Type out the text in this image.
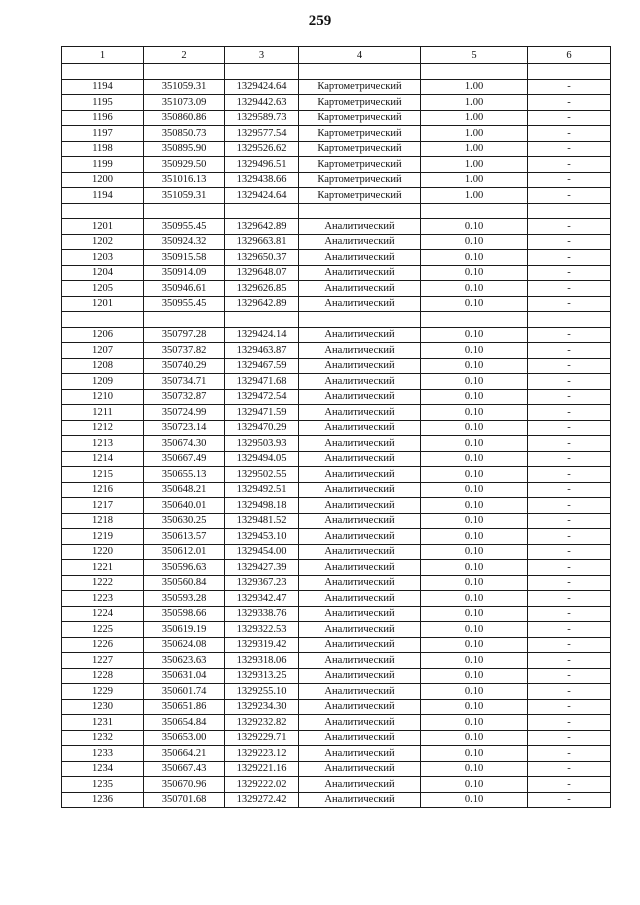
259
1	2	3	4	5	6

1194	351059.31	1329424.64	Картометрический	1.00	-
1195	351073.09	1329442.63	Картометрический	1.00	-
1196	350860.86	1329589.73	Картометрический	1.00	-
1197	350850.73	1329577.54	Картометрический	1.00	-
1198	350895.90	1329526.62	Картометрический	1.00	-
1199	350929.50	1329496.51	Картометрический	1.00	-
1200	351016.13	1329438.66	Картометрический	1.00	-
1194	351059.31	1329424.64	Картометрический	1.00	-

1201	350955.45	1329642.89	Аналитический	0.10	-
1202	350924.32	1329663.81	Аналитический	0.10	-
1203	350915.58	1329650.37	Аналитический	0.10	-
1204	350914.09	1329648.07	Аналитический	0.10	-
1205	350946.61	1329626.85	Аналитический	0.10	-
1201	350955.45	1329642.89	Аналитический	0.10	-

1206	350797.28	1329424.14	Аналитический	0.10	-
1207	350737.82	1329463.87	Аналитический	0.10	-
1208	350740.29	1329467.59	Аналитический	0.10	-
1209	350734.71	1329471.68	Аналитический	0.10	-
1210	350732.87	1329472.54	Аналитический	0.10	-
1211	350724.99	1329471.59	Аналитический	0.10	-
1212	350723.14	1329470.29	Аналитический	0.10	-
1213	350674.30	1329503.93	Аналитический	0.10	-
1214	350667.49	1329494.05	Аналитический	0.10	-
1215	350655.13	1329502.55	Аналитический	0.10	-
1216	350648.21	1329492.51	Аналитический	0.10	-
1217	350640.01	1329498.18	Аналитический	0.10	-
1218	350630.25	1329481.52	Аналитический	0.10	-
1219	350613.57	1329453.10	Аналитический	0.10	-
1220	350612.01	1329454.00	Аналитический	0.10	-
1221	350596.63	1329427.39	Аналитический	0.10	-
1222	350560.84	1329367.23	Аналитический	0.10	-
1223	350593.28	1329342.47	Аналитический	0.10	-
1224	350598.66	1329338.76	Аналитический	0.10	-
1225	350619.19	1329322.53	Аналитический	0.10	-
1226	350624.08	1329319.42	Аналитический	0.10	-
1227	350623.63	1329318.06	Аналитический	0.10	-
1228	350631.04	1329313.25	Аналитический	0.10	-
1229	350601.74	1329255.10	Аналитический	0.10	-
1230	350651.86	1329234.30	Аналитический	0.10	-
1231	350654.84	1329232.82	Аналитический	0.10	-
1232	350653.00	1329229.71	Аналитический	0.10	-
1233	350664.21	1329223.12	Аналитический	0.10	-
1234	350667.43	1329221.16	Аналитический	0.10	-
1235	350670.96	1329222.02	Аналитический	0.10	-
1236	350701.68	1329272.42	Аналитический	0.10	-
